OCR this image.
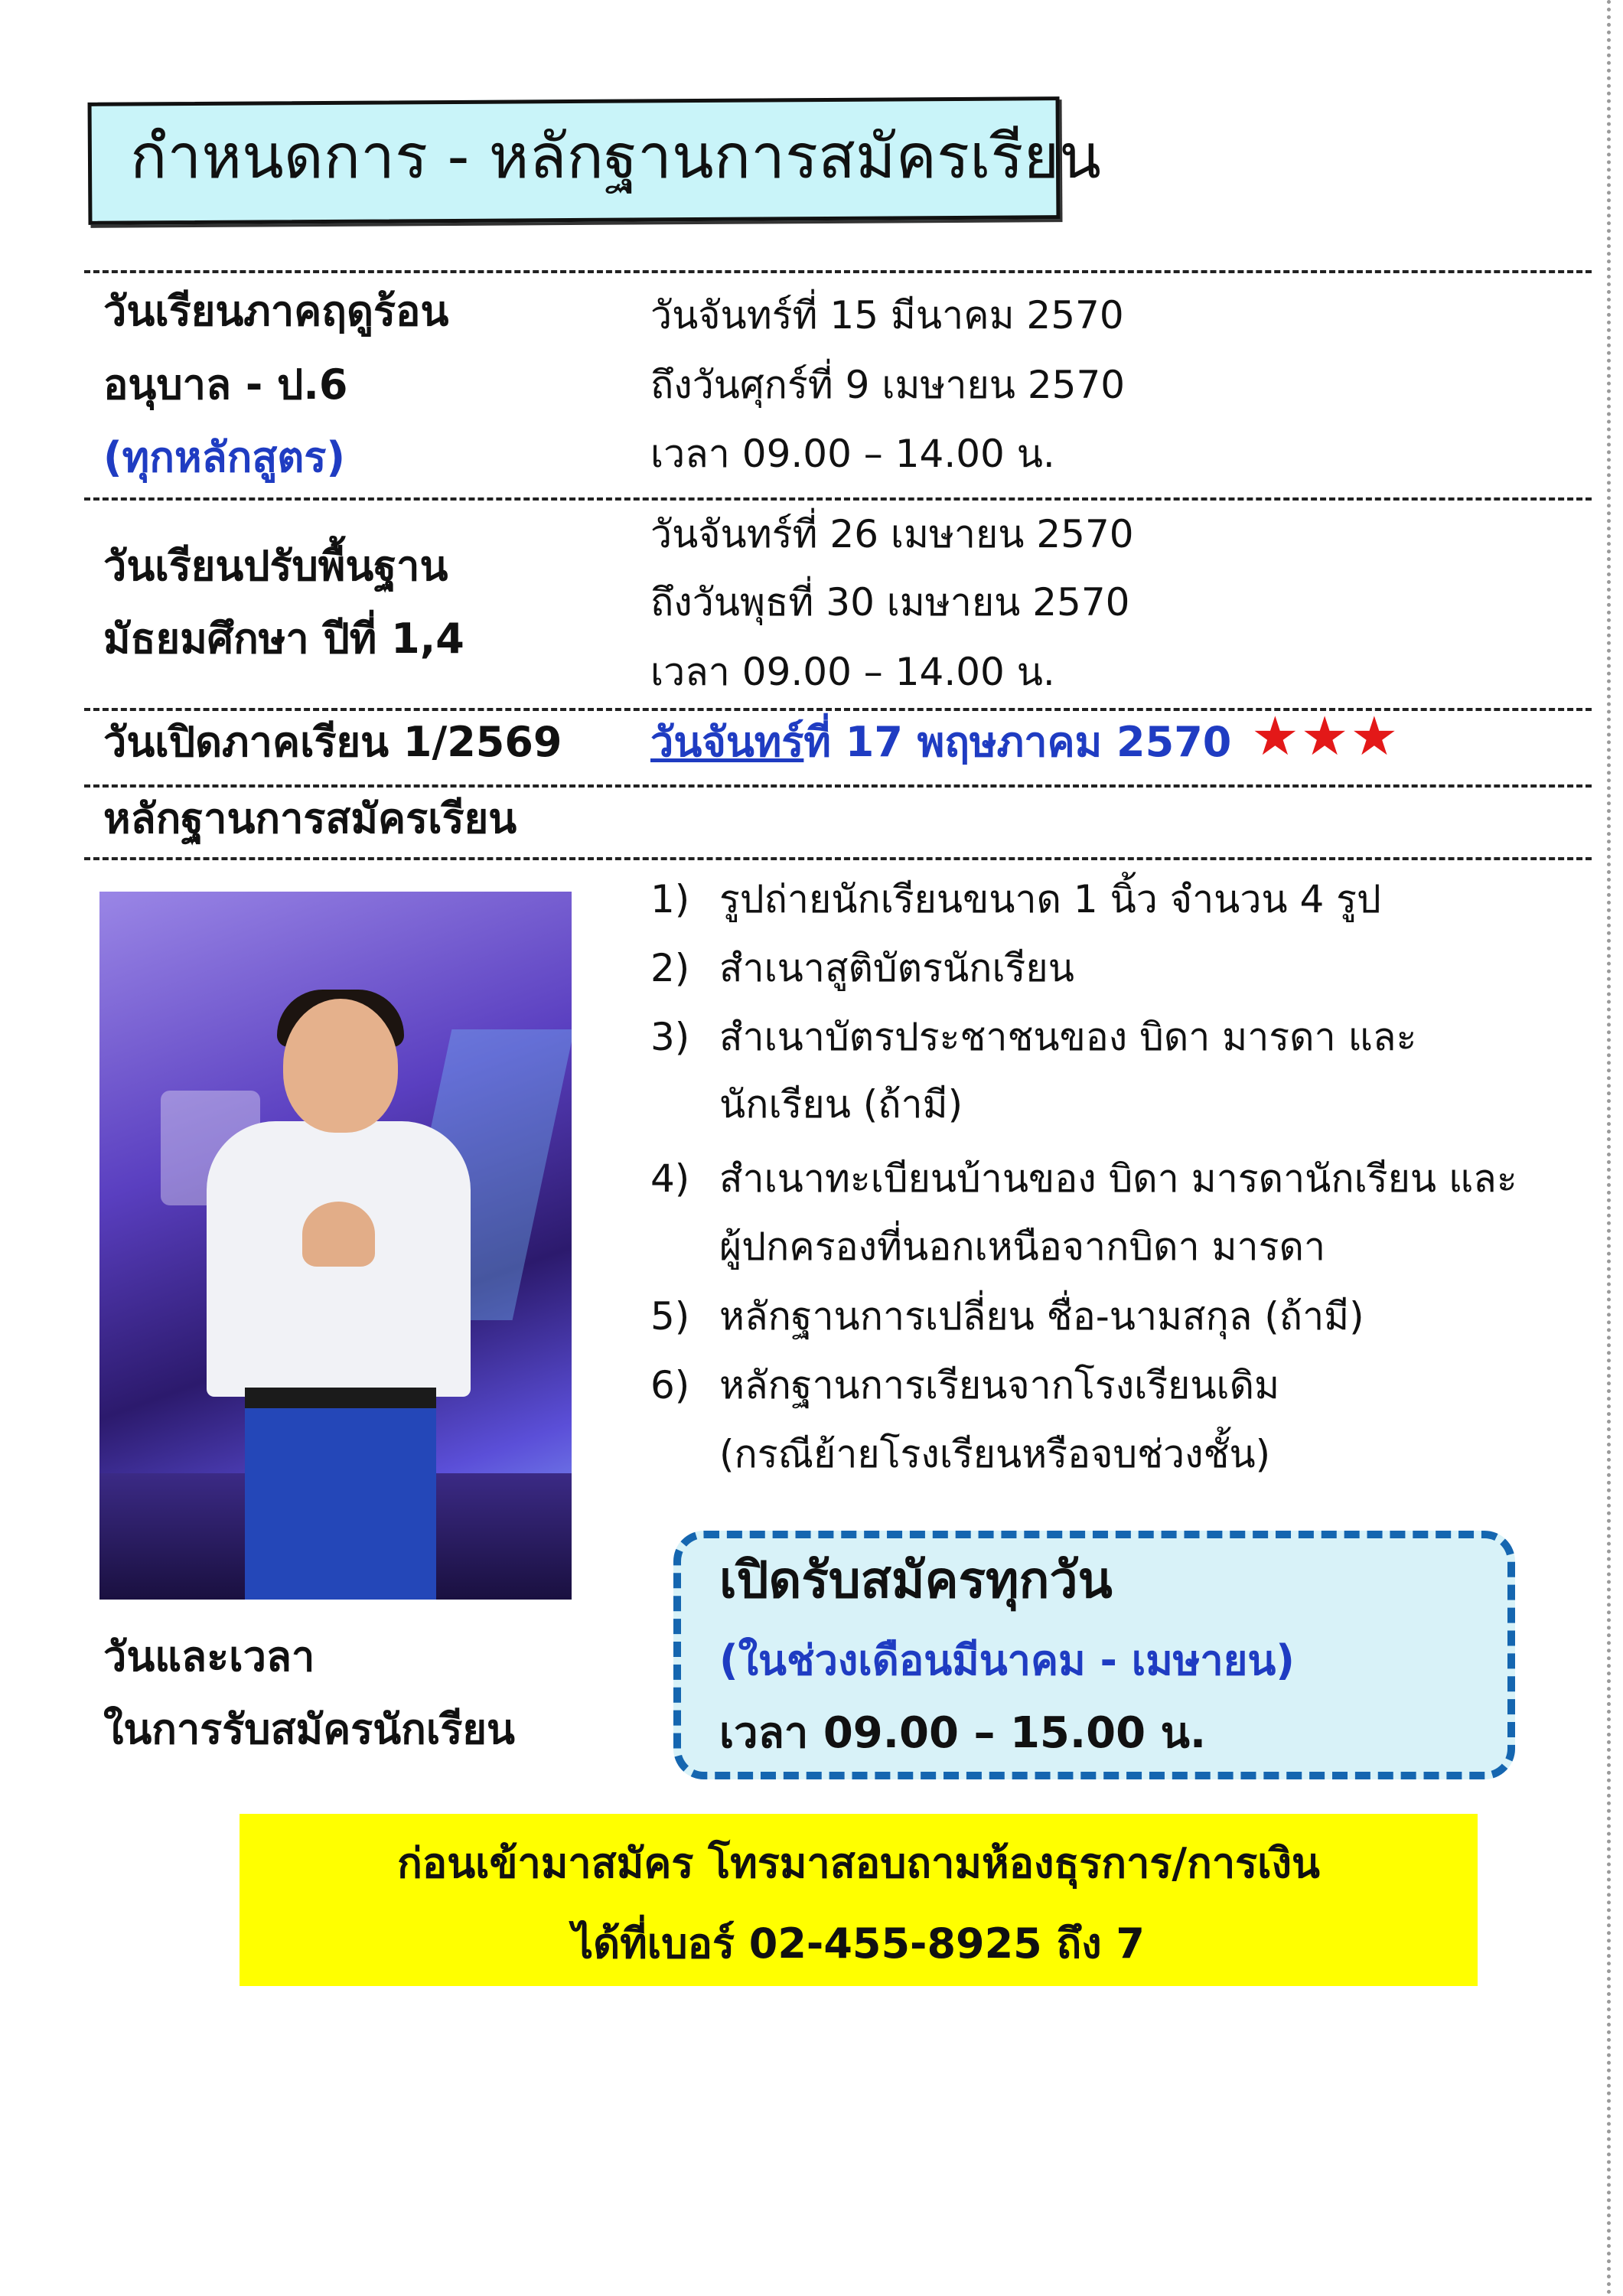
กำหนดการ - หลักฐานการสมัครเรียน
วันเรียนภาคฤดูร้อน
อนุบาล - ป.6
(ทุกหลักสูตร)
วันจันทร์ที่ 15 มีนาคม 2570
ถึงวันศุกร์ที่ 9 เมษายน 2570
เวลา 09.00 – 14.00 น.
วันเรียนปรับพื้นฐาน
มัธยมศึกษา ปีที่ 1,4
วันจันทร์ที่ 26 เมษายน 2570
ถึงวันพุธที่ 30 เมษายน 2570
เวลา 09.00 – 14.00 น.
วันเปิดภาคเรียน 1/2569 วันจันทร์ที่ 17 พฤษภาคม 2570 ★★★
หลักฐานการสมัครเรียน
1) รูปถ่ายนักเรียนขนาด 1 นิ้ว จำนวน 4 รูป
2) สำเนาสูติบัตรนักเรียน
3) สำเนาบัตรประชาชนของ บิดา มารดา และ
นักเรียน (ถ้ามี)
4) สำเนาทะเบียนบ้านของ บิดา มารดานักเรียน และ
ผู้ปกครองที่นอกเหนือจากบิดา มารดา
5) หลักฐานการเปลี่ยน ชื่อ-นามสกุล (ถ้ามี)
6) หลักฐานการเรียนจากโรงเรียนเดิม
(กรณีย้ายโรงเรียนหรือจบช่วงชั้น)
วันและเวลา
ในการรับสมัครนักเรียน
เปิดรับสมัครทุกวัน
(ในช่วงเดือนมีนาคม - เมษายน)
เวลา 09.00 – 15.00 น.
ก่อนเข้ามาสมัคร โทรมาสอบถามห้องธุรการ/การเงิน
ได้ที่เบอร์ 02-455-8925 ถึง 7
